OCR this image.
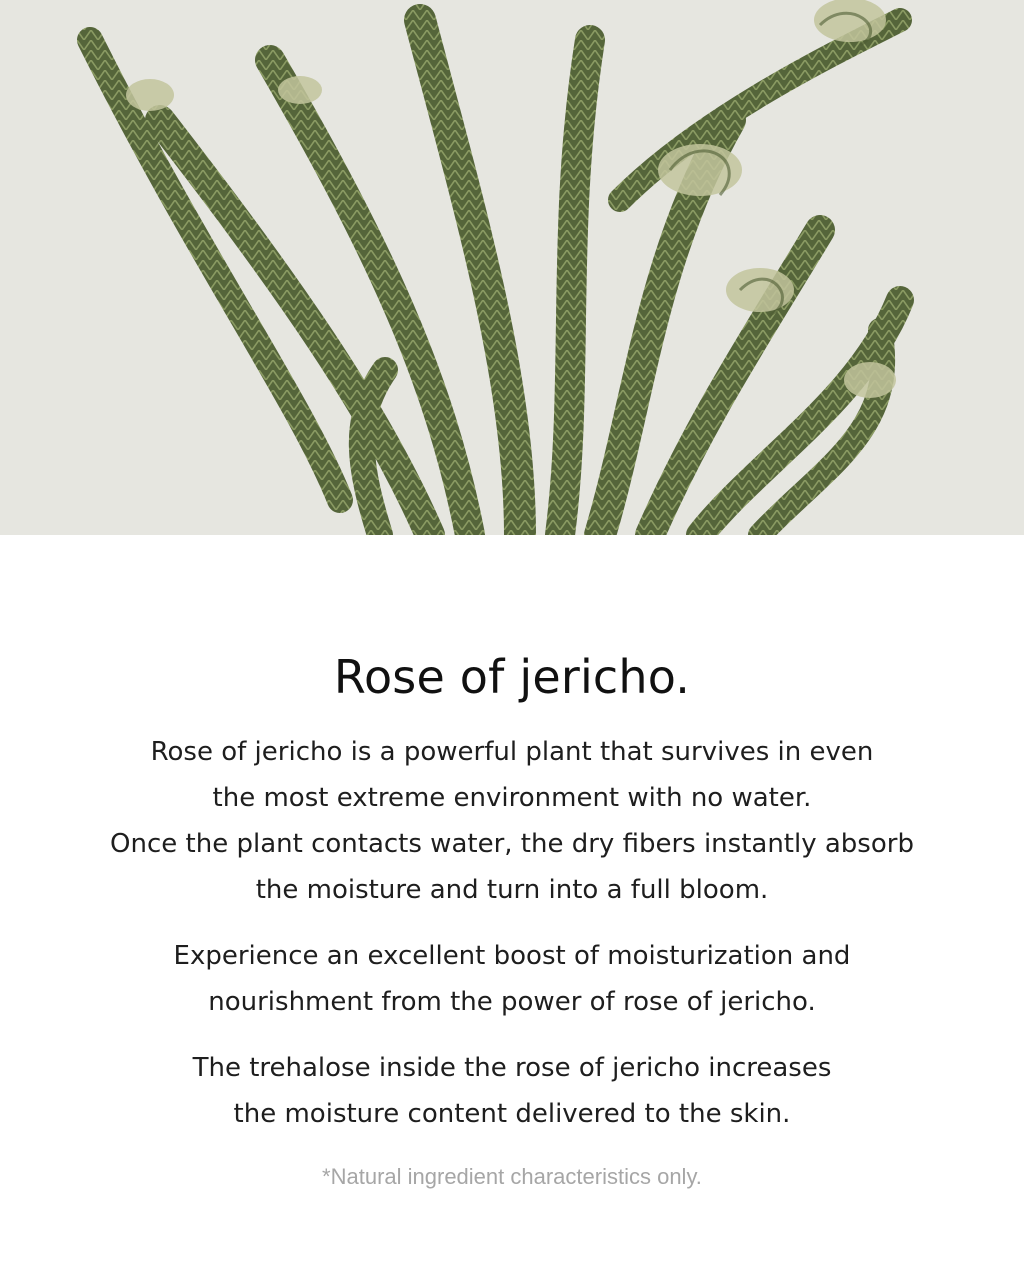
Rose of jericho.

Rose of jericho is a powerful plant that survives in even
the most extreme environment with no water.
Once the plant contacts water, the dry fibers instantly absorb
the moisture and turn into a full bloom.

Experience an excellent boost of moisturization and
nourishment from the power of rose of jericho.

The trehalose inside the rose of jericho increases
the moisture content delivered to the skin.

*Natural ingredient characteristics only.
